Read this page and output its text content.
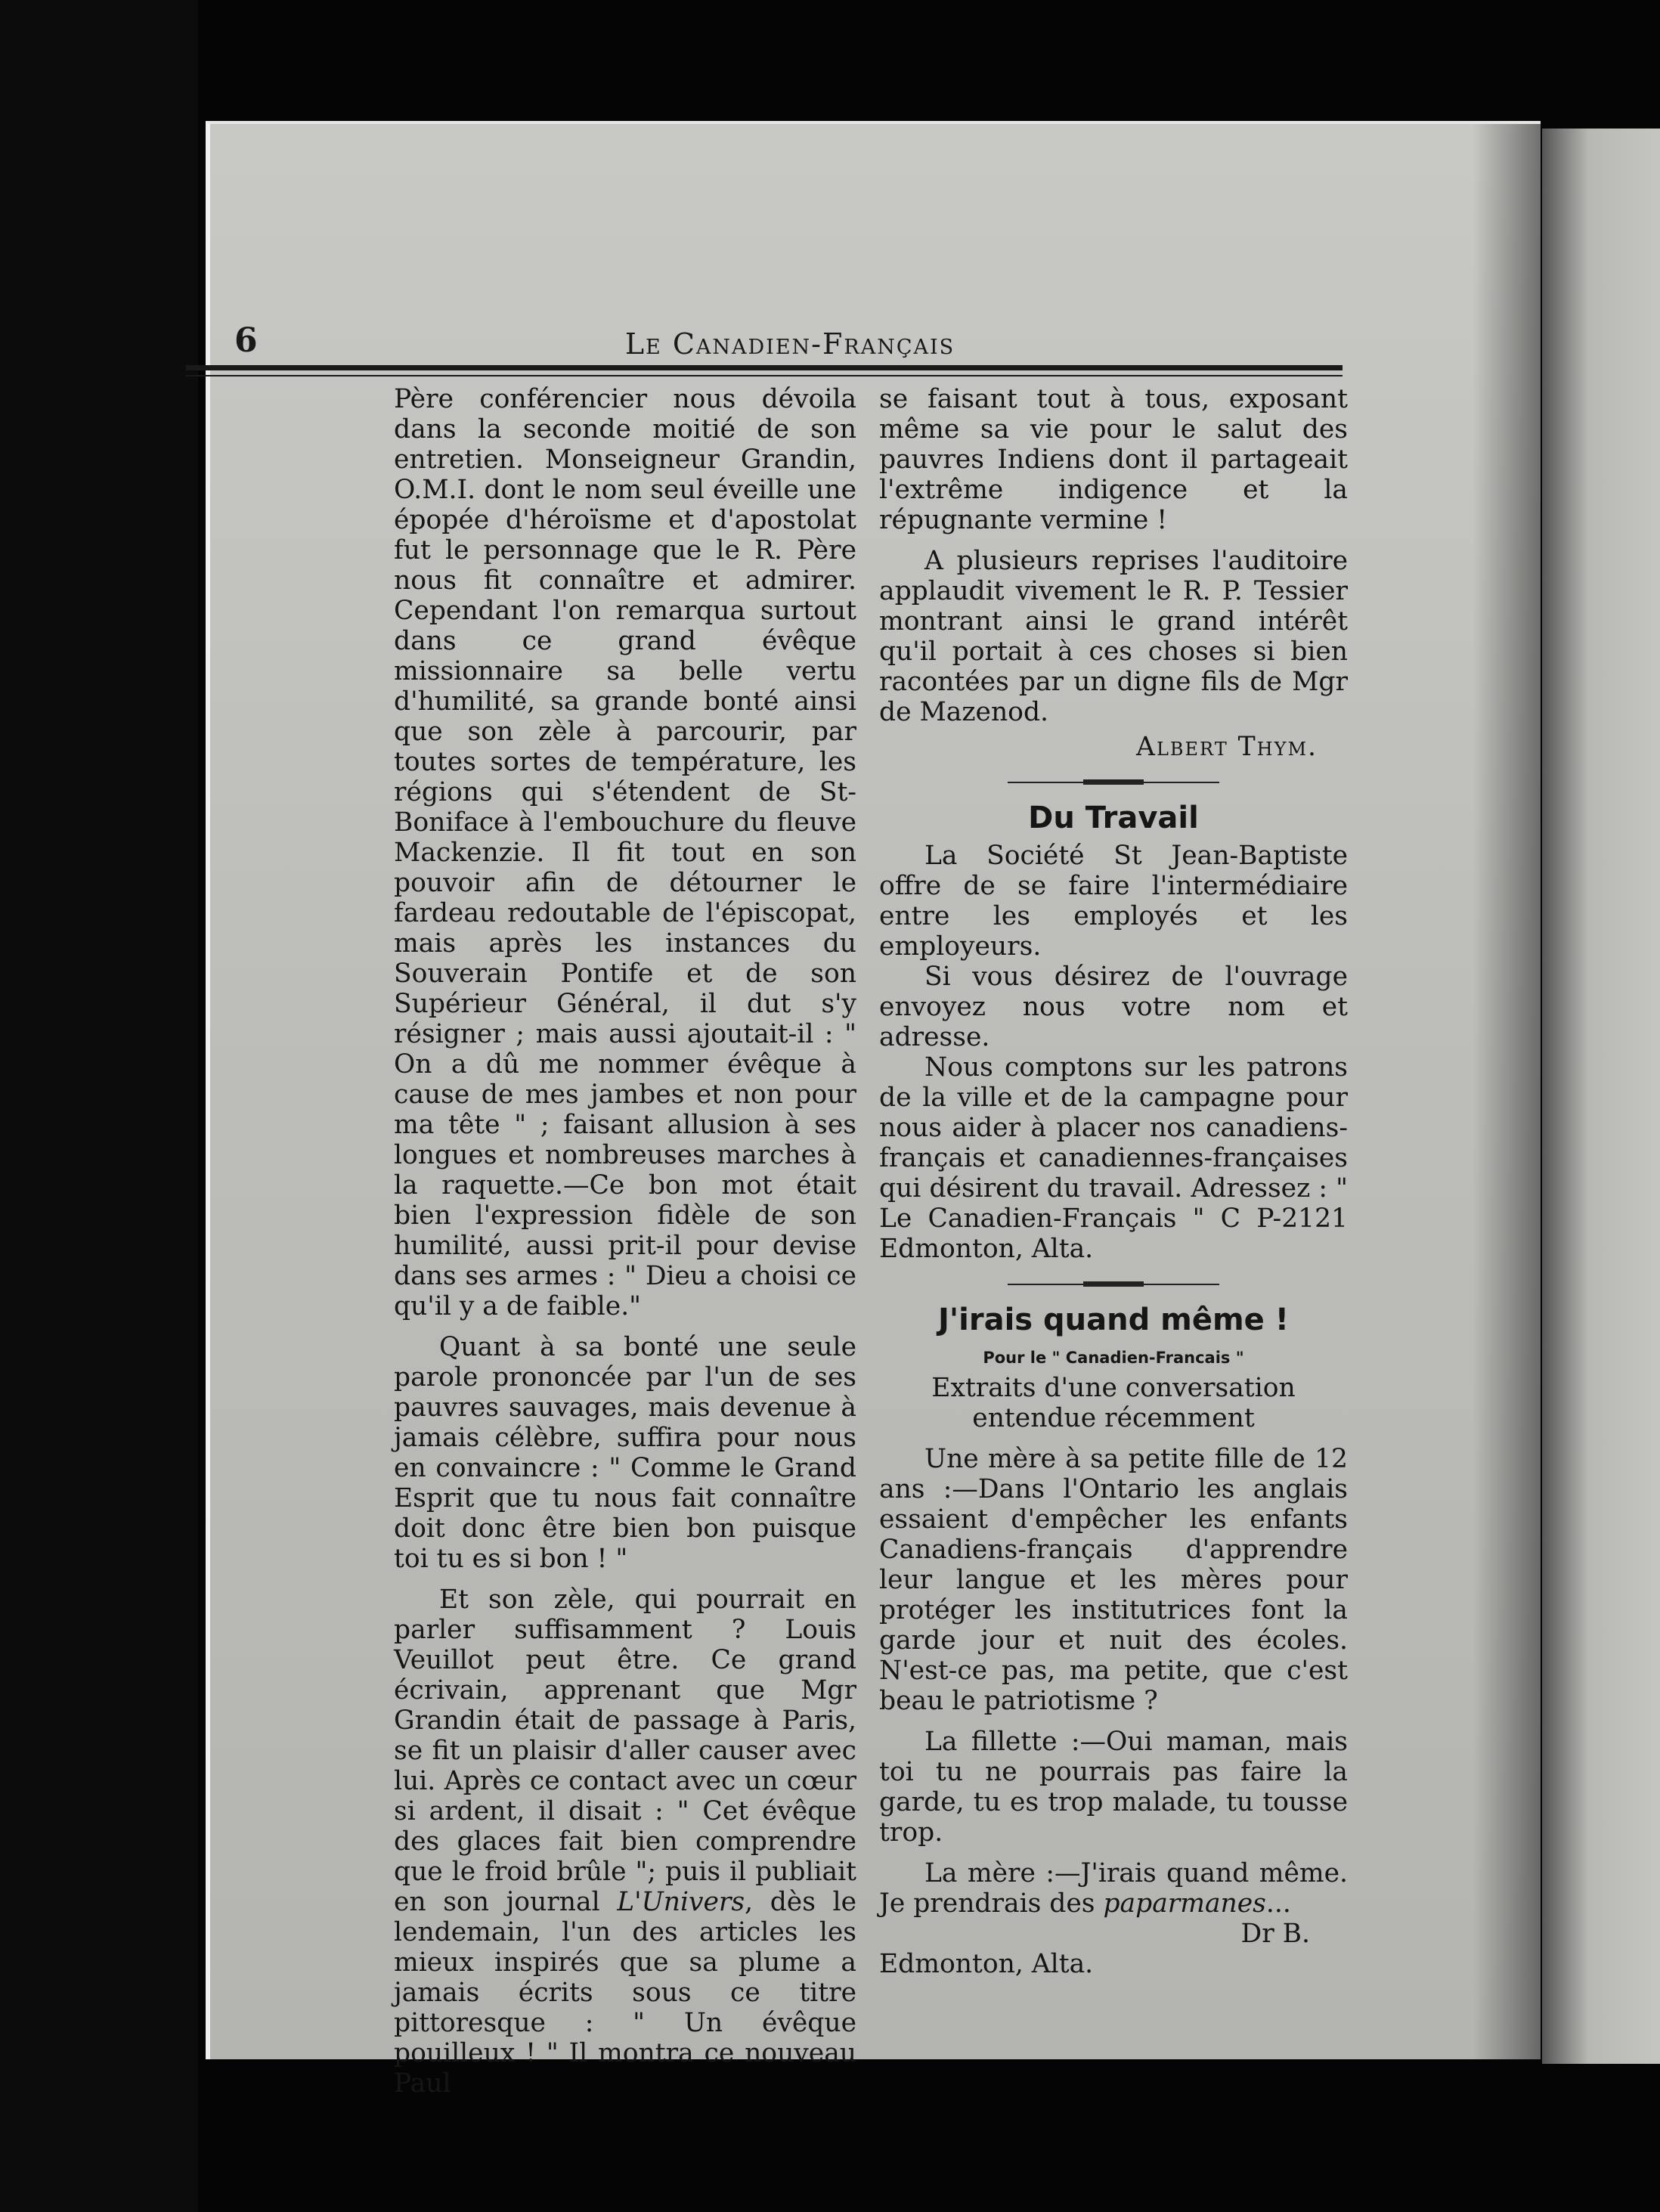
6	Le Canadien-Français

Père conférencier nous dévoila dans la seconde moitié de son entretien. Monseigneur Grandin, O.M.I. dont le nom seul éveille une épopée d'héroïsme et d'apostolat fut le personnage que le R. Père nous fit connaître et admirer. Cependant l'on remarqua surtout dans ce grand évêque missionnaire sa belle vertu d'humilité, sa grande bonté ainsi que son zèle à parcourir, par toutes sortes de température, les régions qui s'étendent de St-Boniface à l'embouchure du fleuve Mackenzie. Il fit tout en son pouvoir afin de détourner le fardeau redoutable de l'épiscopat, mais après les instances du Souverain Pontife et de son Supérieur Général, il dut s'y résigner ; mais aussi ajoutait-il : " On a dû me nommer évêque à cause de mes jambes et non pour ma tête " ; faisant allusion à ses longues et nombreuses marches à la raquette.—Ce bon mot était bien l'expression fidèle de son humilité, aussi prit-il pour devise dans ses armes : " Dieu a choisi ce qu'il y a de faible."

Quant à sa bonté une seule parole prononcée par l'un de ses pauvres sauvages, mais devenue à jamais célèbre, suffira pour nous en convaincre : " Comme le Grand Esprit que tu nous fait connaître doit donc être bien bon puisque toi tu es si bon ! "

Et son zèle, qui pourrait en parler suffisamment ? Louis Veuillot peut être. Ce grand écrivain, apprenant que Mgr Grandin était de passage à Paris, se fit un plaisir d'aller causer avec lui. Après ce contact avec un cœur si ardent, il disait : " Cet évêque des glaces fait bien comprendre que le froid brûle "; puis il publiait en son journal L'Univers, dès le lendemain, l'un des articles les mieux inspirés que sa plume a jamais écrits sous ce titre pittoresque : " Un évêque pouilleux ! " Il montra ce nouveau Paul

se faisant tout à tous, exposant même sa vie pour le salut des pauvres Indiens dont il partageait l'extrême indigence et la répugnante vermine !

A plusieurs reprises l'auditoire applaudit vivement le R. P. Tessier montrant ainsi le grand intérêt qu'il portait à ces choses si bien racontées par un digne fils de Mgr de Mazenod.

Albert Thym.

Du Travail

La Société St Jean-Baptiste offre de se faire l'intermédiaire entre les employés et les employeurs.

Si vous désirez de l'ouvrage envoyez nous votre nom et adresse.

Nous comptons sur les patrons de la ville et de la campagne pour nous aider à placer nos canadiens-français et canadiennes-françaises qui désirent du travail. Adressez : " Le Canadien-Français " C P-2121 Edmonton, Alta.

J'irais quand même !

Pour le " Canadien-Francais "

Extraits d'une conversation entendue récemment

Une mère à sa petite fille de 12 ans :—Dans l'Ontario les anglais essaient d'empêcher les enfants Canadiens-français d'apprendre leur langue et les mères pour protéger les institutrices font la garde jour et nuit des écoles. N'est-ce pas, ma petite, que c'est beau le patriotisme ?

La fillette :—Oui maman, mais toi tu ne pourrais pas faire la garde, tu es trop malade, tu tousse trop.

La mère :—J'irais quand même. Je prendrais des paparmanes...

Dr B.

Edmonton, Alta.
